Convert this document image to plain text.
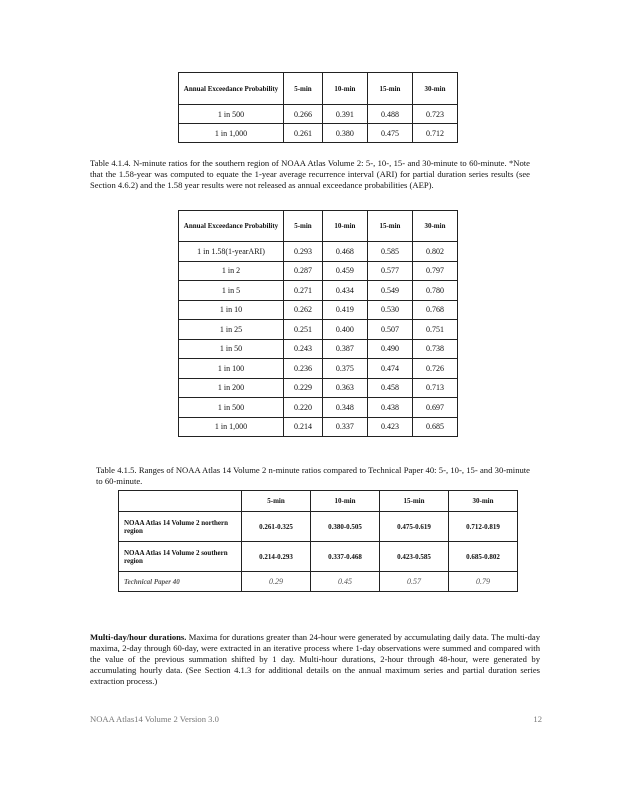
Annual Exceedance Probability	5-min	10-min	15-min	30-min
1 in 500	0.266	0.391	0.488	0.723
1 in 1,000	0.261	0.380	0.475	0.712
Table 4.1.4. N-minute ratios for the southern region of NOAA Atlas Volume 2: 5-, 10-, 15- and 30-minute to 60-minute. *Note that the 1.58-year was computed to equate the 1-year average recurrence interval (ARI) for partial duration series results (see Section 4.6.2) and the 1.58 year results were not released as annual exceedance probabilities (AEP).
Annual Exceedance Probability	5-min	10-min	15-min	30-min
1 in 1.58(1-yearARI)	0.293	0.468	0.585	0.802
1 in 2	0.287	0.459	0.577	0.797
1 in 5	0.271	0.434	0.549	0.780
1 in 10	0.262	0.419	0.530	0.768
1 in 25	0.251	0.400	0.507	0.751
1 in 50	0.243	0.387	0.490	0.738
1 in 100	0.236	0.375	0.474	0.726
1 in 200	0.229	0.363	0.458	0.713
1 in 500	0.220	0.348	0.438	0.697
1 in 1,000	0.214	0.337	0.423	0.685
Table 4.1.5. Ranges of NOAA Atlas 14 Volume 2 n-minute ratios compared to Technical Paper 40: 5-, 10-, 15- and 30-minute to 60-minute.
	5-min	10-min	15-min	30-min
NOAA Atlas 14 Volume 2 northern region	0.261-0.325	0.380-0.505	0.475-0.619	0.712-0.819
NOAA Atlas 14 Volume 2 southern region	0.214-0.293	0.337-0.468	0.423-0.585	0.685-0.802
Technical Paper 40	0.29	0.45	0.57	0.79
Multi-day/hour durations. Maxima for durations greater than 24-hour were generated by accumulating daily data. The multi-day maxima, 2-day through 60-day, were extracted in an iterative process where 1-day observations were summed and compared with the value of the previous summation shifted by 1 day. Multi-hour durations, 2-hour through 48-hour, were generated by accumulating hourly data. (See Section 4.1.3 for additional details on the annual maximum series and partial duration series extraction process.)
NOAA Atlas14 Volume 2 Version 3.0	12
